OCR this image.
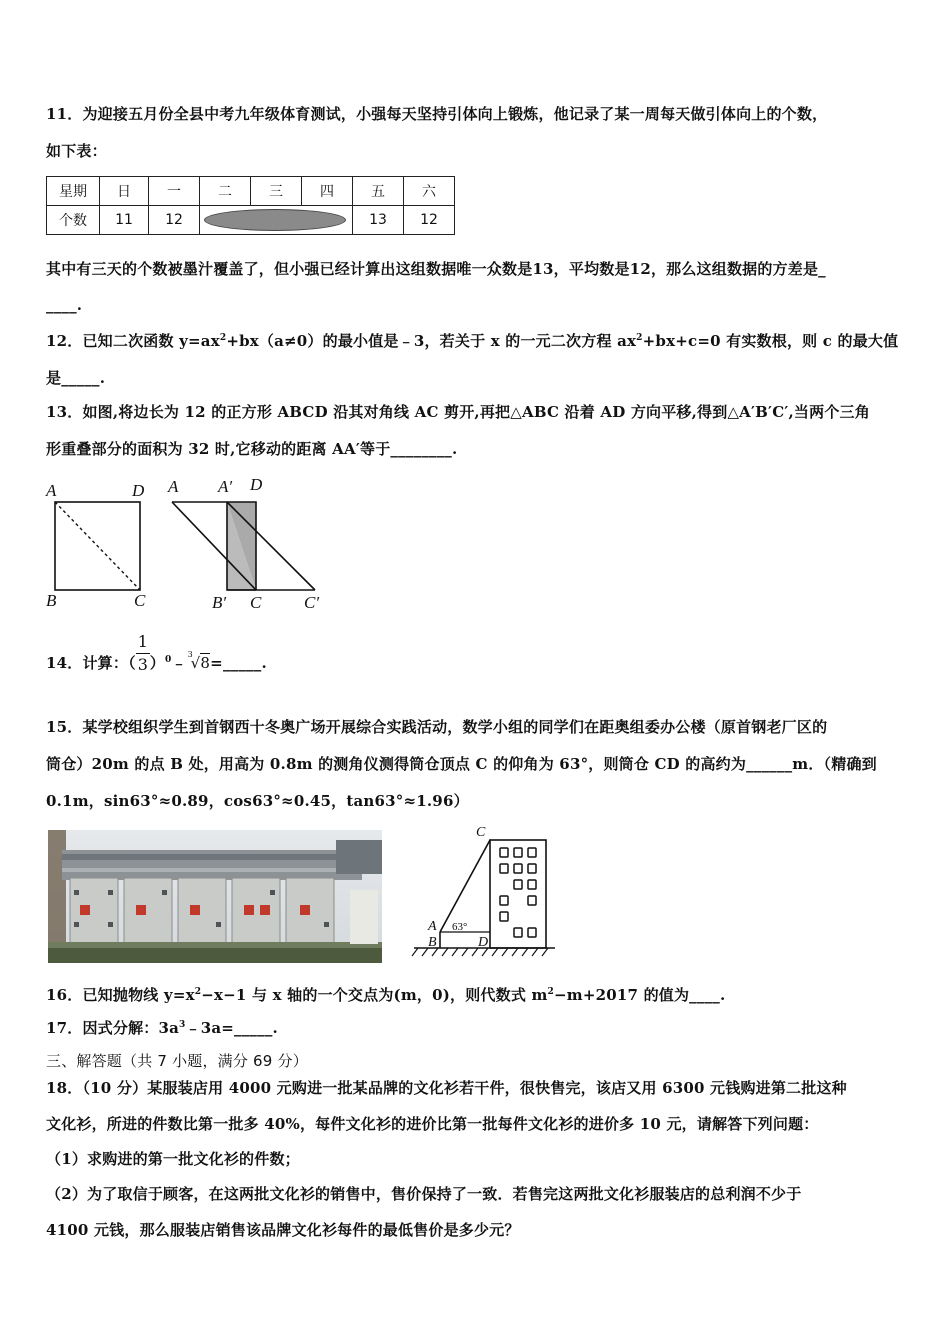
11．为迎接五月份全县中考九年级体育测试，小强每天坚持引体向上锻炼，他记录了某一周每天做引体向上的个数，
如下表：
星期	日	一	二	三	四	五	六
个数	11	12				13	12
其中有三天的个数被墨汁覆盖了，但小强已经计算出这组数据唯一众数是13，平均数是12，那么这组数据的方差是_
____.
12．已知二次函数 $y=ax^2+bx(a\ne 0)$的最小值是﹣3，若关于 x 的一元二次方程 $ax^2+bx+c=0$ 有实数根，则 c 的最大值
是_____.
13．如图,将边长为 12 的正方形 ABCD 沿其对角线 AC 剪开,再把△ABC 沿着 AD 方向平移,得到△A′B′C′,当两个三角
形重叠部分的面积为 32 时,它移动的距离 AA′等于________.
A	D
B	C
A A′ D
B′ C	C′
14．计算：（ $\frac{1}{3}$ ）$^0$﹣ 3
√8=_____.
15．某学校组织学生到首钢西十冬奥广场开展综合实践活动，数学小组的同学们在距奥组委办公楼（原首钢老厂区的
筒仓）20m 的点 B 处，用高为 0.8m 的测角仪测得筒仓顶点 C 的仰角为 63°，则筒仓 CD 的高约为______m．（精确到
0.1m，sin63°≈0.89，cos63°≈0.45，tan63°≈1.96）
C
A
B	D
63°
16．已知抛物线 $y=x^2-x-1$ 与 x 轴的一个交点为(m，0)，则代数式 $m^2-m+2017$ 的值为____.
17．因式分解：$3a^3﹣3a=\_\_\_\_\_$.
三、解答题（共 7 小题，满分 69 分）
18．（10 分）某服装店用 4000 元购进一批某品牌的文化衫若干件，很快售完，该店又用 6300 元钱购进第二批这种
文化衫，所进的件数比第一批多 40%，每件文化衫的进价比第一批每件文化衫的进价多 10 元，请解答下列问题：
（1）求购进的第一批文化衫的件数；
（2）为了取信于顾客，在这两批文化衫的销售中，售价保持了一致．若售完这两批文化衫服装店的总利润不少于
4100 元钱，那么服装店销售该品牌文化衫每件的最低售价是多少元？
